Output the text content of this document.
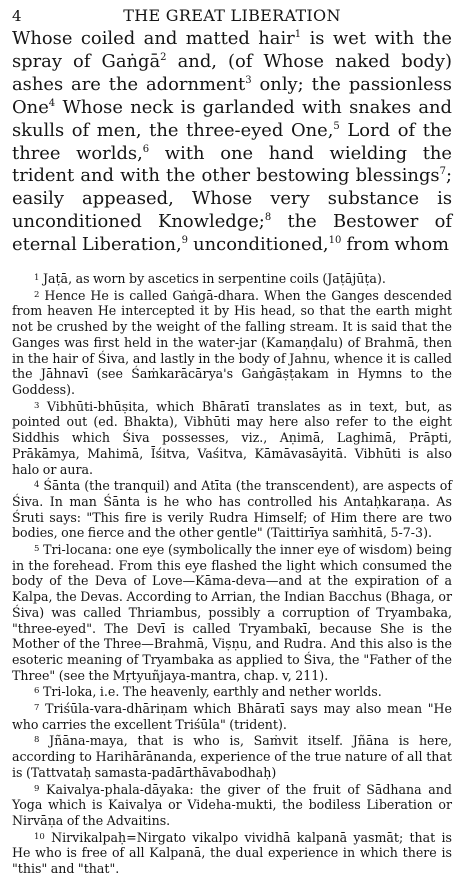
4	THE GREAT LIBERATION

Whose coiled and matted hair$^1$ is wet with the spray of Gaṅgā$^2$ and, (of Whose naked body) ashes are the adornment$^3$ only; the passionless One$^4$ Whose neck is garlanded with snakes and skulls of men, the three-eyed One,$^5$ Lord of the three worlds,$^6$ with one hand wielding the trident and with the other bestowing blessings$^7$; easily appeased, Whose very substance is unconditioned Knowledge;$^8$ the Bestower of eternal Liberation,$^9$ unconditioned,$^{10}$ from whom

$^1$ Jaṭā, as worn by ascetics in serpentine coils (Jaṭājūṭa).

$^2$ Hence He is called Gaṅgā-dhara. When the Ganges descended from heaven He intercepted it by His head, so that the earth might not be crushed by the weight of the falling stream. It is said that the Ganges was first held in the water-jar (Kamaṇḍalu) of Brahmā, then in the hair of Śiva, and lastly in the body of Jahnu, whence it is called the Jāhnavī (see Śaṁkarācārya's Gaṅgāṣṭakam in Hymns to the Goddess).

$^3$ Vibhūti-bhūṣita, which Bhāratī translates as in text, but, as pointed out (ed. Bhakta), Vibhūti may here also refer to the eight Siddhis which Śiva possesses, viz., Aṇimā, Laghimā, Prāpti, Prākāmya, Mahimā, Īśitva, Vaśitva, Kāmāvasāyitā. Vibhūti is also halo or aura.

$^4$ Śānta (the tranquil) and Atīta (the transcendent), are aspects of Śiva. In man Śānta is he who has controlled his Antaḥkaraṇa. As Śruti says: "This fire is verily Rudra Himself; of Him there are two bodies, one fierce and the other gentle" (Taittirīya saṁhitā, 5-7-3).

$^5$ Tri-locana: one eye (symbolically the inner eye of wisdom) being in the forehead. From this eye flashed the light which consumed the body of the Deva of Love—Kāma-deva—and at the expiration of a Kalpa, the Devas. According to Arrian, the Indian Bacchus (Bhaga, or Śiva) was called Thriambus, possibly a corruption of Tryambaka, "three-eyed". The Devī is called Tryambakī, because She is the Mother of the Three—Brahmā, Viṣṇu, and Rudra. And this also is the esoteric meaning of Tryambaka as applied to Śiva, the "Father of the Three" (see the Mṛtyuñjaya-mantra, chap. v, 211).

$^6$ Tri-loka, i.e. The heavenly, earthly and nether worlds.

$^7$ Triśūla-vara-dhāriṇam which Bhāratī says may also mean "He who carries the excellent Triśūla" (trident).

$^8$ Jñāna-maya, that is who is, Saṁvit itself. Jñāna is here, according to Harihārānanda, experience of the true nature of all that is (Tattvataḥ samasta-padārthāvabodhaḥ)

$^9$ Kaivalya-phala-dāyaka: the giver of the fruit of Sādhana and Yoga which is Kaivalya or Videha-mukti, the bodiless Liberation or Nirvāṇa of the Advaitins.

$^{10}$ Nirvikalpaḥ=Nirgato vikalpo vividhā kalpanā yasmāt; that is He who is free of all Kalpanā, the dual experience in which there is "this" and "that".
